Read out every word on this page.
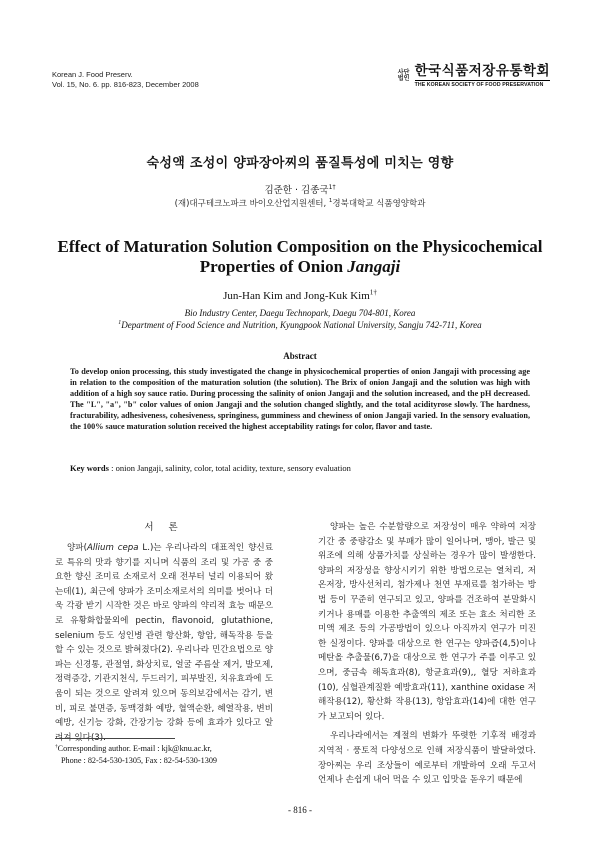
Korean J. Food Preserv.
Vol. 15, No. 6. pp. 816-823, December 2008
사단법인 한국식품저장유통학회
THE KOREAN SOCIETY OF FOOD PRESERVATION
숙성액 조성이 양파장아찌의 품질특성에 미치는 영향
김준한 · 김종국$^{1\dagger}$
(재)대구테크노파크 바이오산업지원센터, $^1$경북대학교 식품영양학과
Effect of Maturation Solution Composition on the Physicochemical
Properties of Onion Jangaji
Jun-Han Kim and Jong-Kuk Kim$^{1\dagger}$
Bio Industry Center, Daegu Technopark, Daegu 704-801, Korea
$^1$Department of Food Science and Nutrition, Kyungpook National University, Sangju 742-711, Korea
Abstract
To develop onion processing, this study investigated the change in physicochemical properties of onion Jangaji with processing age in relation to the composition of the maturation solution (the solution). The Brix of onion Jangaji and the solution was high with addition of a high soy sauce ratio. During processing the salinity of onion Jangaji and the solution increased, and the pH decreased. The "L", "a", "b" color values of onion Jangaji and the solution changed slightly, and the total acidityrose slowly. The hardness, fracturability, adhesiveness, cohesiveness, springiness, gumminess and chewiness of onion Jangaji varied. In the sensory evaluation, the 100% sauce maturation solution received the highest acceptability ratings for color, flavor and taste.
Key words : onion Jangaji, salinity, color, total acidity, texture, sensory evaluation
서 론
양파(Allium cepa L.)는 우리나라의 대표적인 향신료로 특유의 맛과 향기를 지니며 식품의 조리 및 가공 중 중요한 향신 조미료 소재로서 오래 전부터 널리 이용되어 왔는데(1), 최근에 양파가 조미소재로서의 의미를 벗어나 더욱 각광 받기 시작한 것은 바로 양파의 약리적 효능 때문으로 유황화합물외에 pectin, flavonoid, glutathione, selenium 등도 성인병 관련 항산화, 항암, 해독작용 등을 할 수 있는 것으로 밝혀졌다(2). 우리나라 민간요법으로 양파는 신경통, 관절염, 화상치료, 얼굴 주름살 제거, 발모제, 정력증강, 기관지천식, 두드러기, 피부발진, 치유효과에 도움이 되는 것으로 알려져 있으며 동의보감에서는 감기, 변비, 피로 불면증, 동맥경화 예방, 혈액순환, 혜열작용, 변비 예방, 신기능 강화, 간장기능 강화 등에 효과가 있다고 알려져 있다(3).
양파는 높은 수분함량으로 저장성이 매우 약하여 저장기간 중 중량감소 및 부패가 많이 일어나며, 맹아, 발근 및 위조에 의해 상품가치를 상실하는 경우가 많이 발생한다. 양파의 저장성을 향상시키기 위한 방법으로는 열처리, 저온저장, 방사선처리, 첨가제나 천연 부재료를 첨가하는 방법 등이 꾸준히 연구되고 있고, 양파를 건조하여 분말화시키거나 용매를 이용한 추출액의 제조 또는 효소 처리한 조미액 제조 등의 가공방법이 있으나 아직까지 연구가 미진한 실정이다. 양파를 대상으로 한 연구는 양파즙(4,5)이나 메탄올 추출물(6,7)을 대상으로 한 연구가 주를 이루고 있으며, 중금속 해독효과(8), 항균효과(9),, 혈당 저하효과(10), 심혈관계질환 예방효과(11), xanthine oxidase 저해작용(12), 황산화 작용(13), 항암효과(14)에 대한 연구가 보고되어 있다.
우리나라에서는 계절의 변화가 뚜렷한 기후적 배경과 지역적 · 풍토적 다양성으로 인해 저장식품이 발달하였다. 장아찌는 우리 조상들이 예로부터 개발하여 오래 두고서 언제나 손쉽게 내어 먹을 수 있고 입맛을 돋우기 때문에
†Corresponding author. E-mail : kjk@knu.ac.kr,
Phone : 82-54-530-1305, Fax : 82-54-530-1309
- 816 -
